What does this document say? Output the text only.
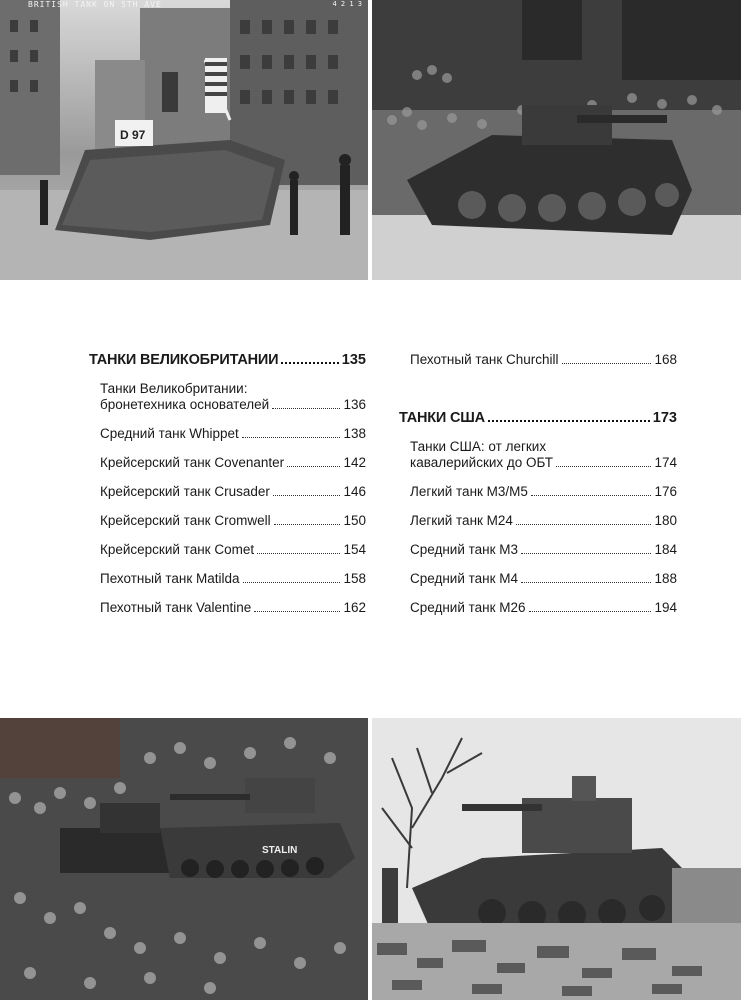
D 97
BRITISH TANK ON 5TH AVE	4 2 1 3
STALIN
ТАНКИ ВЕЛИКОБРИТАНИИ	135
Танки Великобритании:
бронетехника основателей	136
Средний танк Whippet	138
Крейсерский танк Covenanter	142
Крейсерский танк Crusader	146
Крейсерский танк Cromwell	150
Крейсерский танк Comet	154
Пехотный танк Matilda	158
Пехотный танк Valentine	162
Пехотный танк Churchill	168
ТАНКИ США	173
Танки США: от легких
кавалерийских до ОБТ	174
Легкий танк М3/М5	176
Легкий танк М24	180
Средний танк М3	184
Средний танк М4	188
Средний танк М26	194
